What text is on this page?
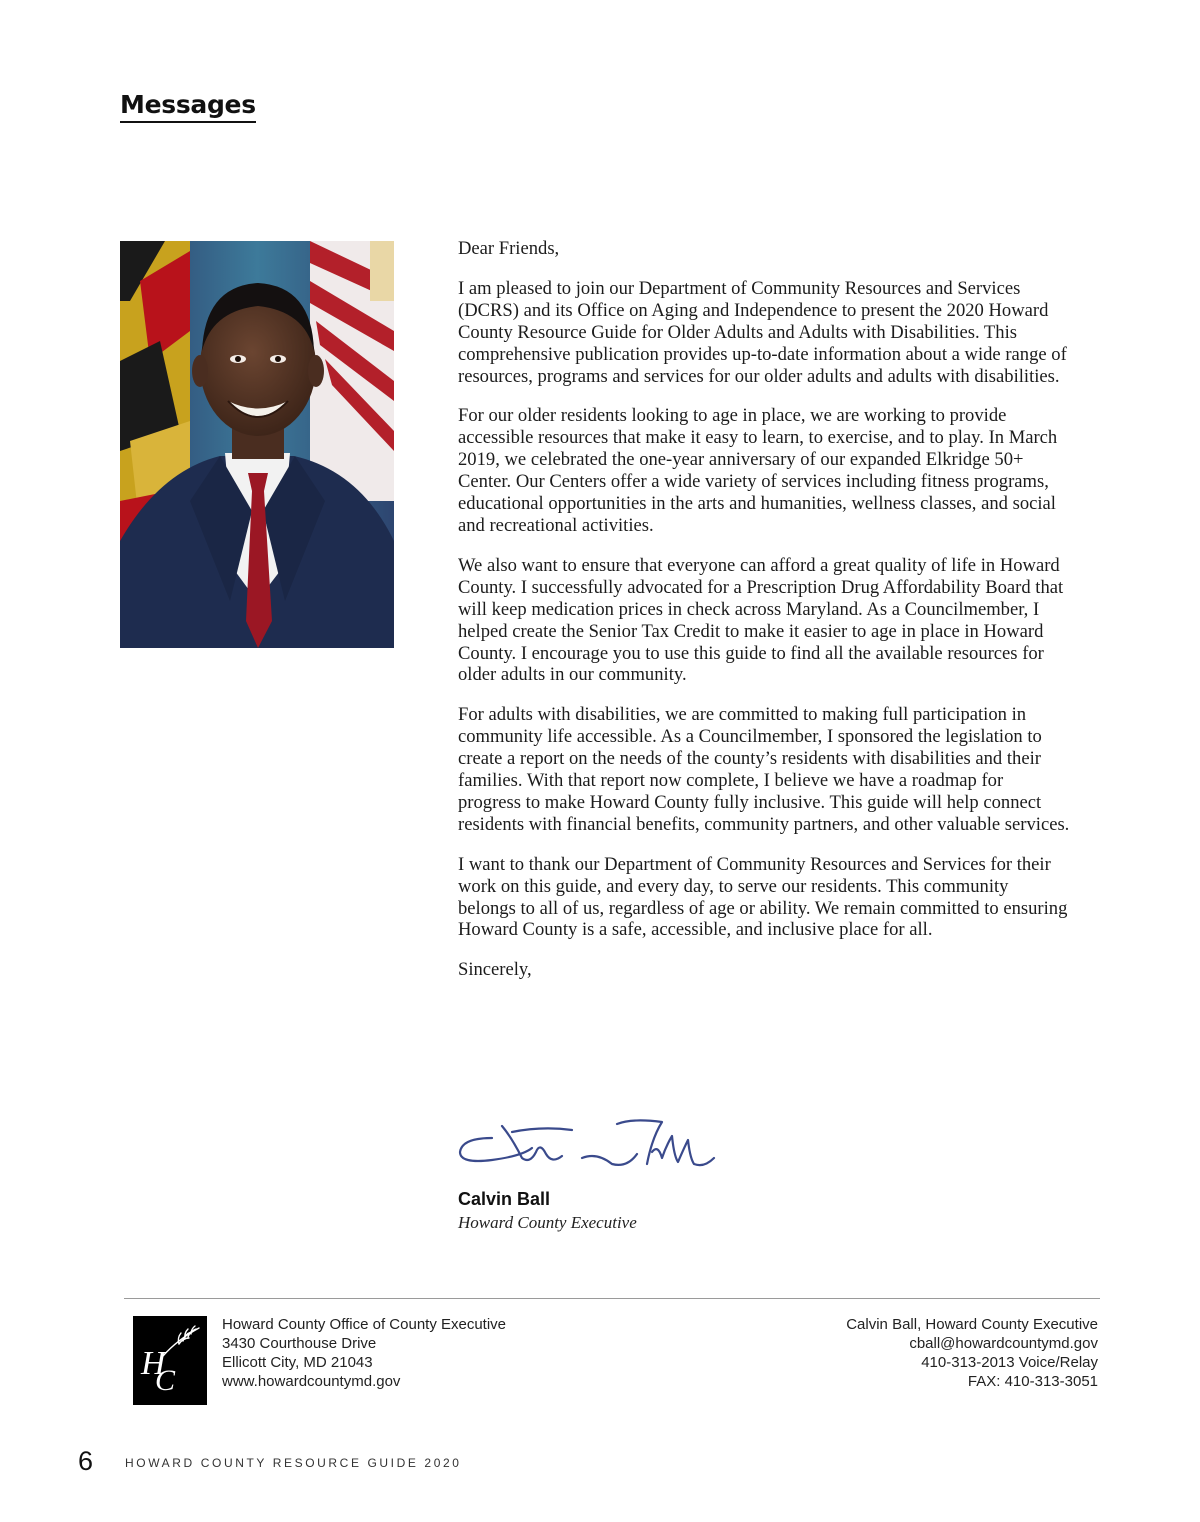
Messages

Dear Friends,

I am pleased to join our Department of Community Resources and Services (DCRS) and its Office on Aging and Independence to present the 2020 Howard County Resource Guide for Older Adults and Adults with Disabilities. This comprehensive publication provides up-to-date information about a wide range of resources, programs and services for our older adults and adults with disabilities.

For our older residents looking to age in place, we are working to provide accessible resources that make it easy to learn, to exercise, and to play. In March 2019, we celebrated the one-year anniversary of our expanded Elkridge 50+ Center. Our Centers offer a wide variety of services including fitness programs, educational opportunities in the arts and humanities, wellness classes, and social and recreational activities.

We also want to ensure that everyone can afford a great quality of life in Howard County. I successfully advocated for a Prescription Drug Affordability Board that will keep medication prices in check across Maryland. As a Councilmember, I helped create the Senior Tax Credit to make it easier to age in place in Howard County. I encourage you to use this guide to find all the available resources for older adults in our community.

For adults with disabilities, we are committed to making full participation in community life accessible. As a Councilmember, I sponsored the legislation to create a report on the needs of the county’s residents with disabilities and their families. With that report now complete, I believe we have a roadmap for progress to make Howard County fully inclusive. This guide will help connect residents with financial benefits, community partners, and other valuable services.

I want to thank our Department of Community Resources and Services for their work on this guide, and every day, to serve our residents. This community belongs to all of us, regardless of age or ability. We remain committed to ensuring Howard County is a safe, accessible, and inclusive place for all.

Sincerely,

Calvin Ball
Howard County Executive
H
C
Howard County Office of County Executive
3430 Courthouse Drive
Ellicott City, MD 21043
www.howardcountymd.gov
Calvin Ball, Howard County Executive
cball@howardcountymd.gov
410-313-2013 Voice/Relay
FAX: 410-313-3051
6	HOWARD COUNTY RESOURCE GUIDE 2020
